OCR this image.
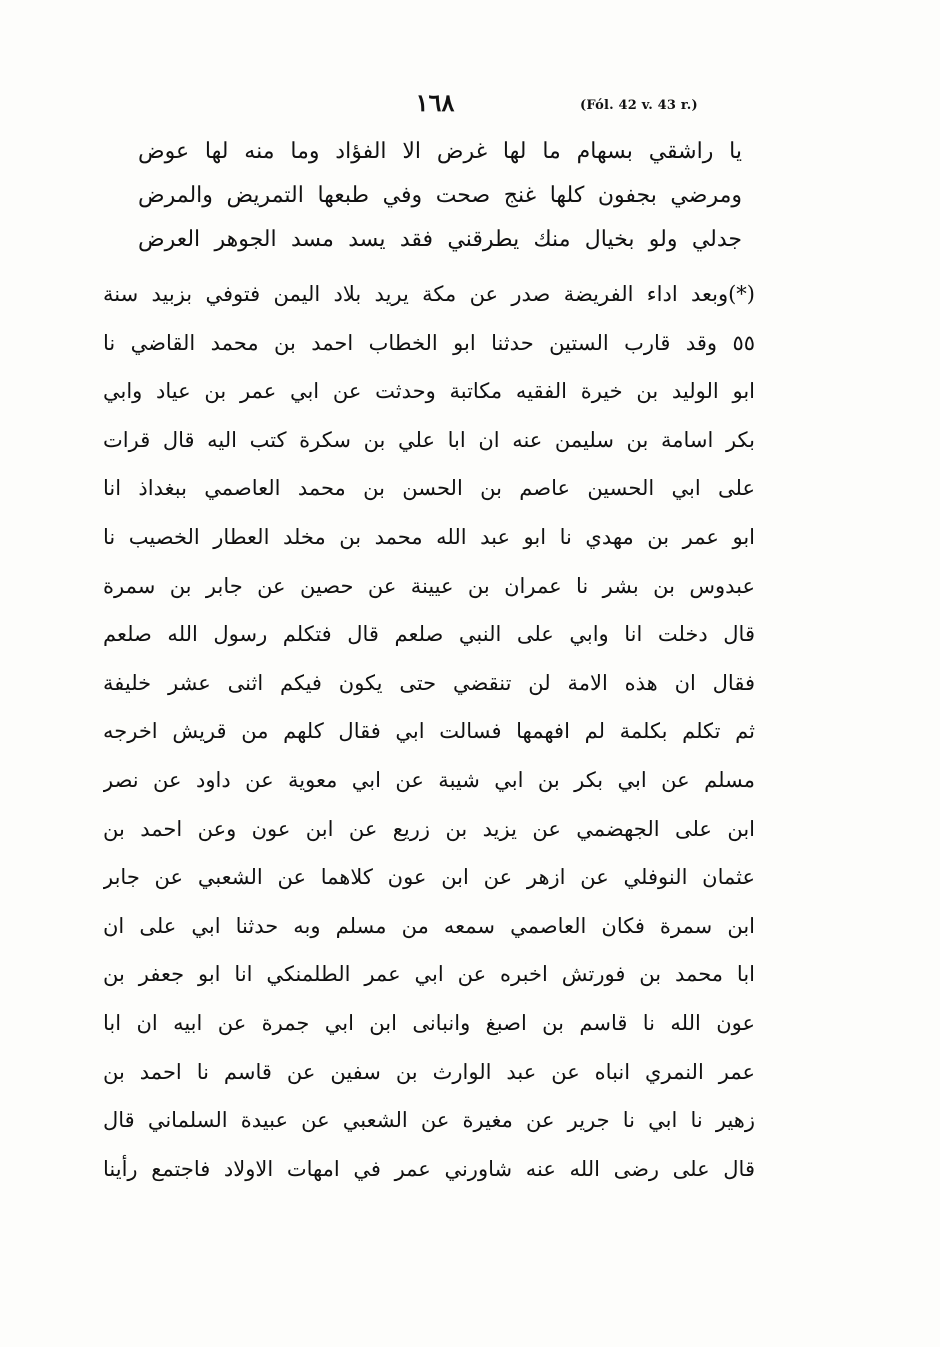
١٦٨	(Fól. 42 v. 43 r.)
يا راشقي بسهام ما لها غرض الا الفؤاد وما منه لها عوض
ومرضي بجفون كلها غنج صحت وفي طبعها التمريض والمرض
جدلي ولو بخيال منك يطرقني فقد يسد مسد الجوهر العرض
(*)وبعد اداء الفريضة صدر عن مكة يريد بلاد اليمن فتوفي بزبيد سنة
٥٥ وقد قارب الستين حدثنا ابو الخطاب احمد بن محمد القاضي نا
ابو الوليد بن خيرة الفقيه مكاتبة وحدثت عن ابي عمر بن عياد وابي
بكر اسامة بن سليمن عنه ان ابا علي بن سكرة كتب اليه قال قرات
على ابي الحسين عاصم بن الحسن بن محمد العاصمي ببغداذ انا
ابو عمر بن مهدي نا ابو عبد الله محمد بن مخلد العطار الخصيب نا
عبدوس بن بشر نا عمران بن عيينة عن حصين عن جابر بن سمرة
قال دخلت انا وابي على النبي صلعم قال فتكلم رسول الله صلعم
فقال ان هذه الامة لن تنقضي حتى يكون فيكم اثنى عشر خليفة
ثم تكلم بكلمة لم افهمها فسالت ابي فقال كلهم من قريش اخرجه
مسلم عن ابي بكر بن ابي شيبة عن ابي معوية عن داود عن نصر
ابن على الجهضمي عن يزيد بن زريع عن ابن عون وعن احمد بن
عثمان النوفلي عن ازهر عن ابن عون كلاهما عن الشعبي عن جابر
ابن سمرة فكان العاصمي سمعه من مسلم وبه حدثنا ابي على ان
ابا محمد بن فورتش اخبره عن ابي عمر الطلمنكي انا ابو جعفر بن
عون الله نا قاسم بن اصبغ وانبانى ابن ابي جمرة عن ابيه ان ابا
عمر النمري انباه عن عبد الوارث بن سفين عن قاسم نا احمد بن
زهير نا ابي نا جرير عن مغيرة عن الشعبي عن عبيدة السلماني قال
قال على رضى الله عنه شاورني عمر في امهات الاولاد فاجتمع رأينا
